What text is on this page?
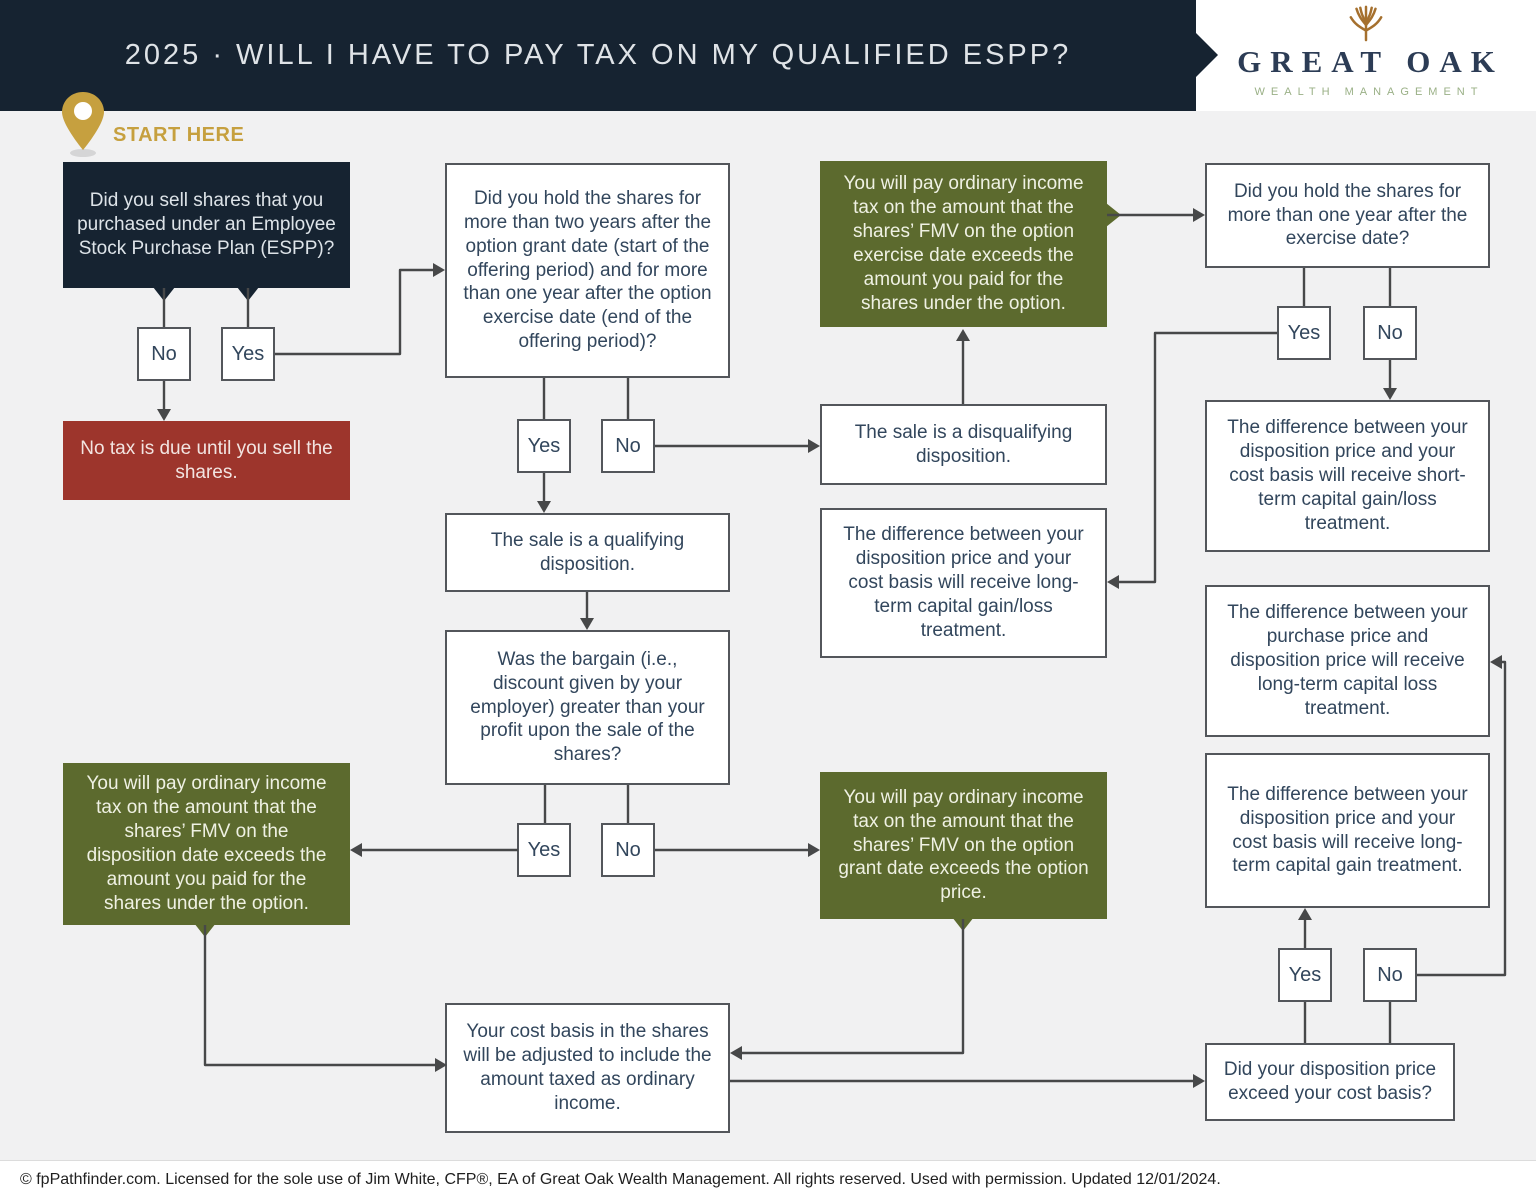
2025 · WILL I HAVE TO PAY TAX ON MY QUALIFIED ESPP?	GREAT OAK
WEALTH MANAGEMENT
START HERE
Did you sell shares that you purchased under an Employee Stock Purchase Plan (ESPP)?
No	Yes
No tax is due until you sell the shares.
Did you hold the shares for more than two years after the option grant date (start of the offering period) and for more than one year after the option exercise date (end of the offering period)?
Yes	No
You will pay ordinary income tax on the amount that the shares’ FMV on the option exercise date exceeds the amount you paid for the shares under the option.
The sale is a disqualifying disposition.
Did you hold the shares for more than one year after the exercise date?
Yes	No
The difference between your disposition price and your cost basis will receive short-term capital gain/loss treatment.
The difference between your disposition price and your cost basis will receive long-term capital gain/loss treatment.
The sale is a qualifying disposition.
Was the bargain (i.e., discount given by your employer) greater than your profit upon the sale of the shares?
Yes	No
You will pay ordinary income tax on the amount that the shares’ FMV on the disposition date exceeds the amount you paid for the shares under the option.
You will pay ordinary income tax on the amount that the shares’ FMV on the option grant date exceeds the option price.
Your cost basis in the shares will be adjusted to include the amount taxed as ordinary income.
The difference between your purchase price and disposition price will receive long-term capital loss treatment.
The difference between your disposition price and your cost basis will receive long-term capital gain treatment.
Yes	No
Did your disposition price exceed your cost basis?
© fpPathfinder.com. Licensed for the sole use of Jim White, CFP®, EA of Great Oak Wealth Management. All rights reserved. Used with permission. Updated 12/01/2024.
